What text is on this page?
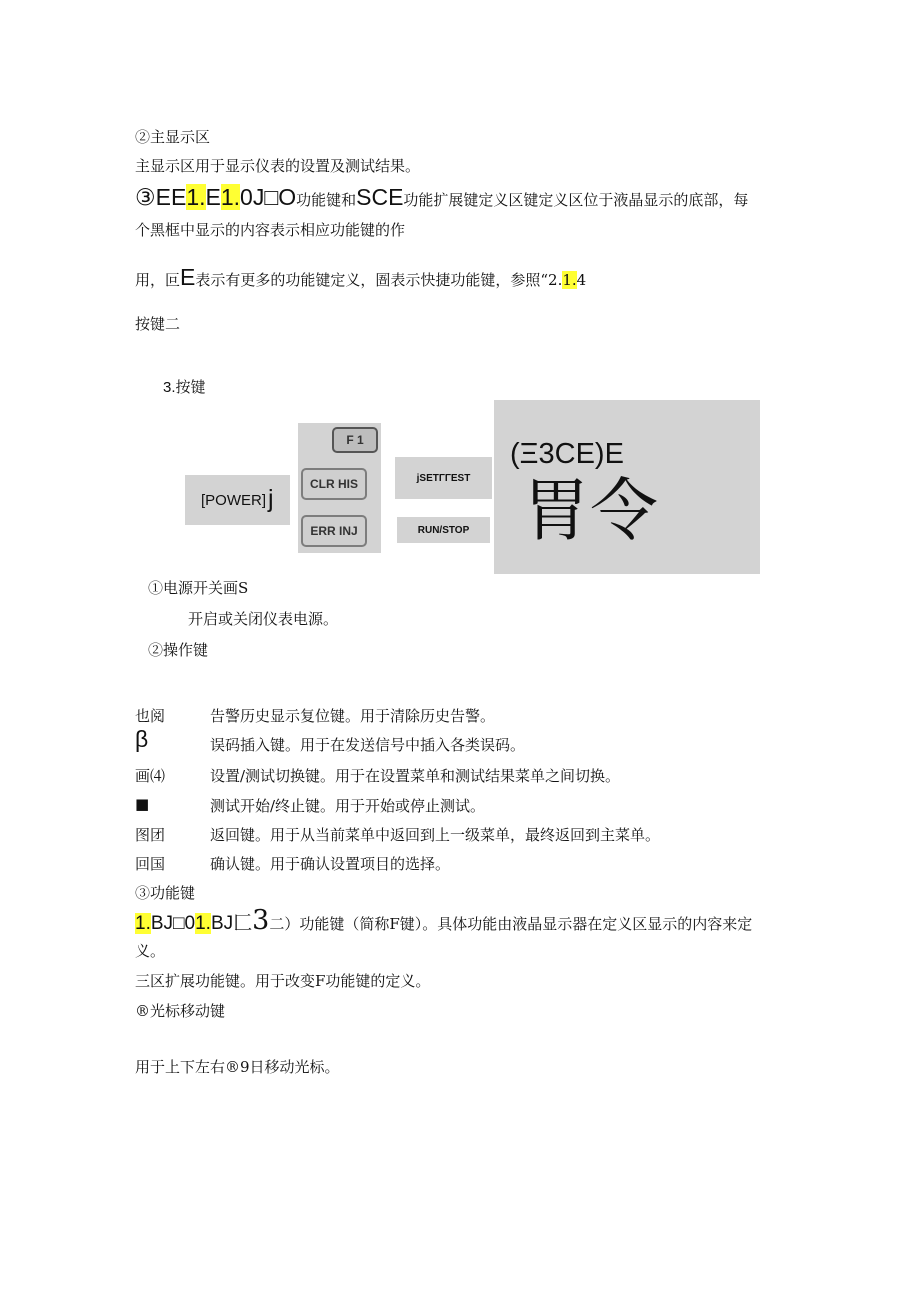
②主显示区
主显示区用于显示仪表的设置及测试结果。
③EE1.E1.0J□O功能键和SCE功能扩展键定义区键定义区位于液晶显示的底部，每
个黑框中显示的内容表示相应功能键的作
用，叵E表示有更多的功能键定义，圄表示快捷功能键，参照“2.1.4
按键二
3.按键
[POWER] j
F 1
CLR HIS
ERR INJ
jSETΓΓEST
RUN/STOP
(Ξ3CE)E
胃令
①电源开关画S
开启或关闭仪表电源。
②操作键
也阅	告警历史显示复位键。用于清除历史告警。
β	误码插入键。用于在发送信号中插入各类误码。
画⑷	设置/测试切换键。用于在设置菜单和测试结果菜单之间切换。
■	测试开始/终止键。用于开始或停止测试。
图团	返回键。用于从当前菜单中返回到上一级菜单，最终返回到主菜单。
回国	确认键。用于确认设置项目的选择。
③功能键
1.BJ□01.BJ匚3二）功能键（简称F键）。具体功能由液晶显示器在定义区显示的内容来定
义。
三区扩展功能键。用于改变F功能键的定义。
®光标移动键
用于上下左右®9日移动光标。
